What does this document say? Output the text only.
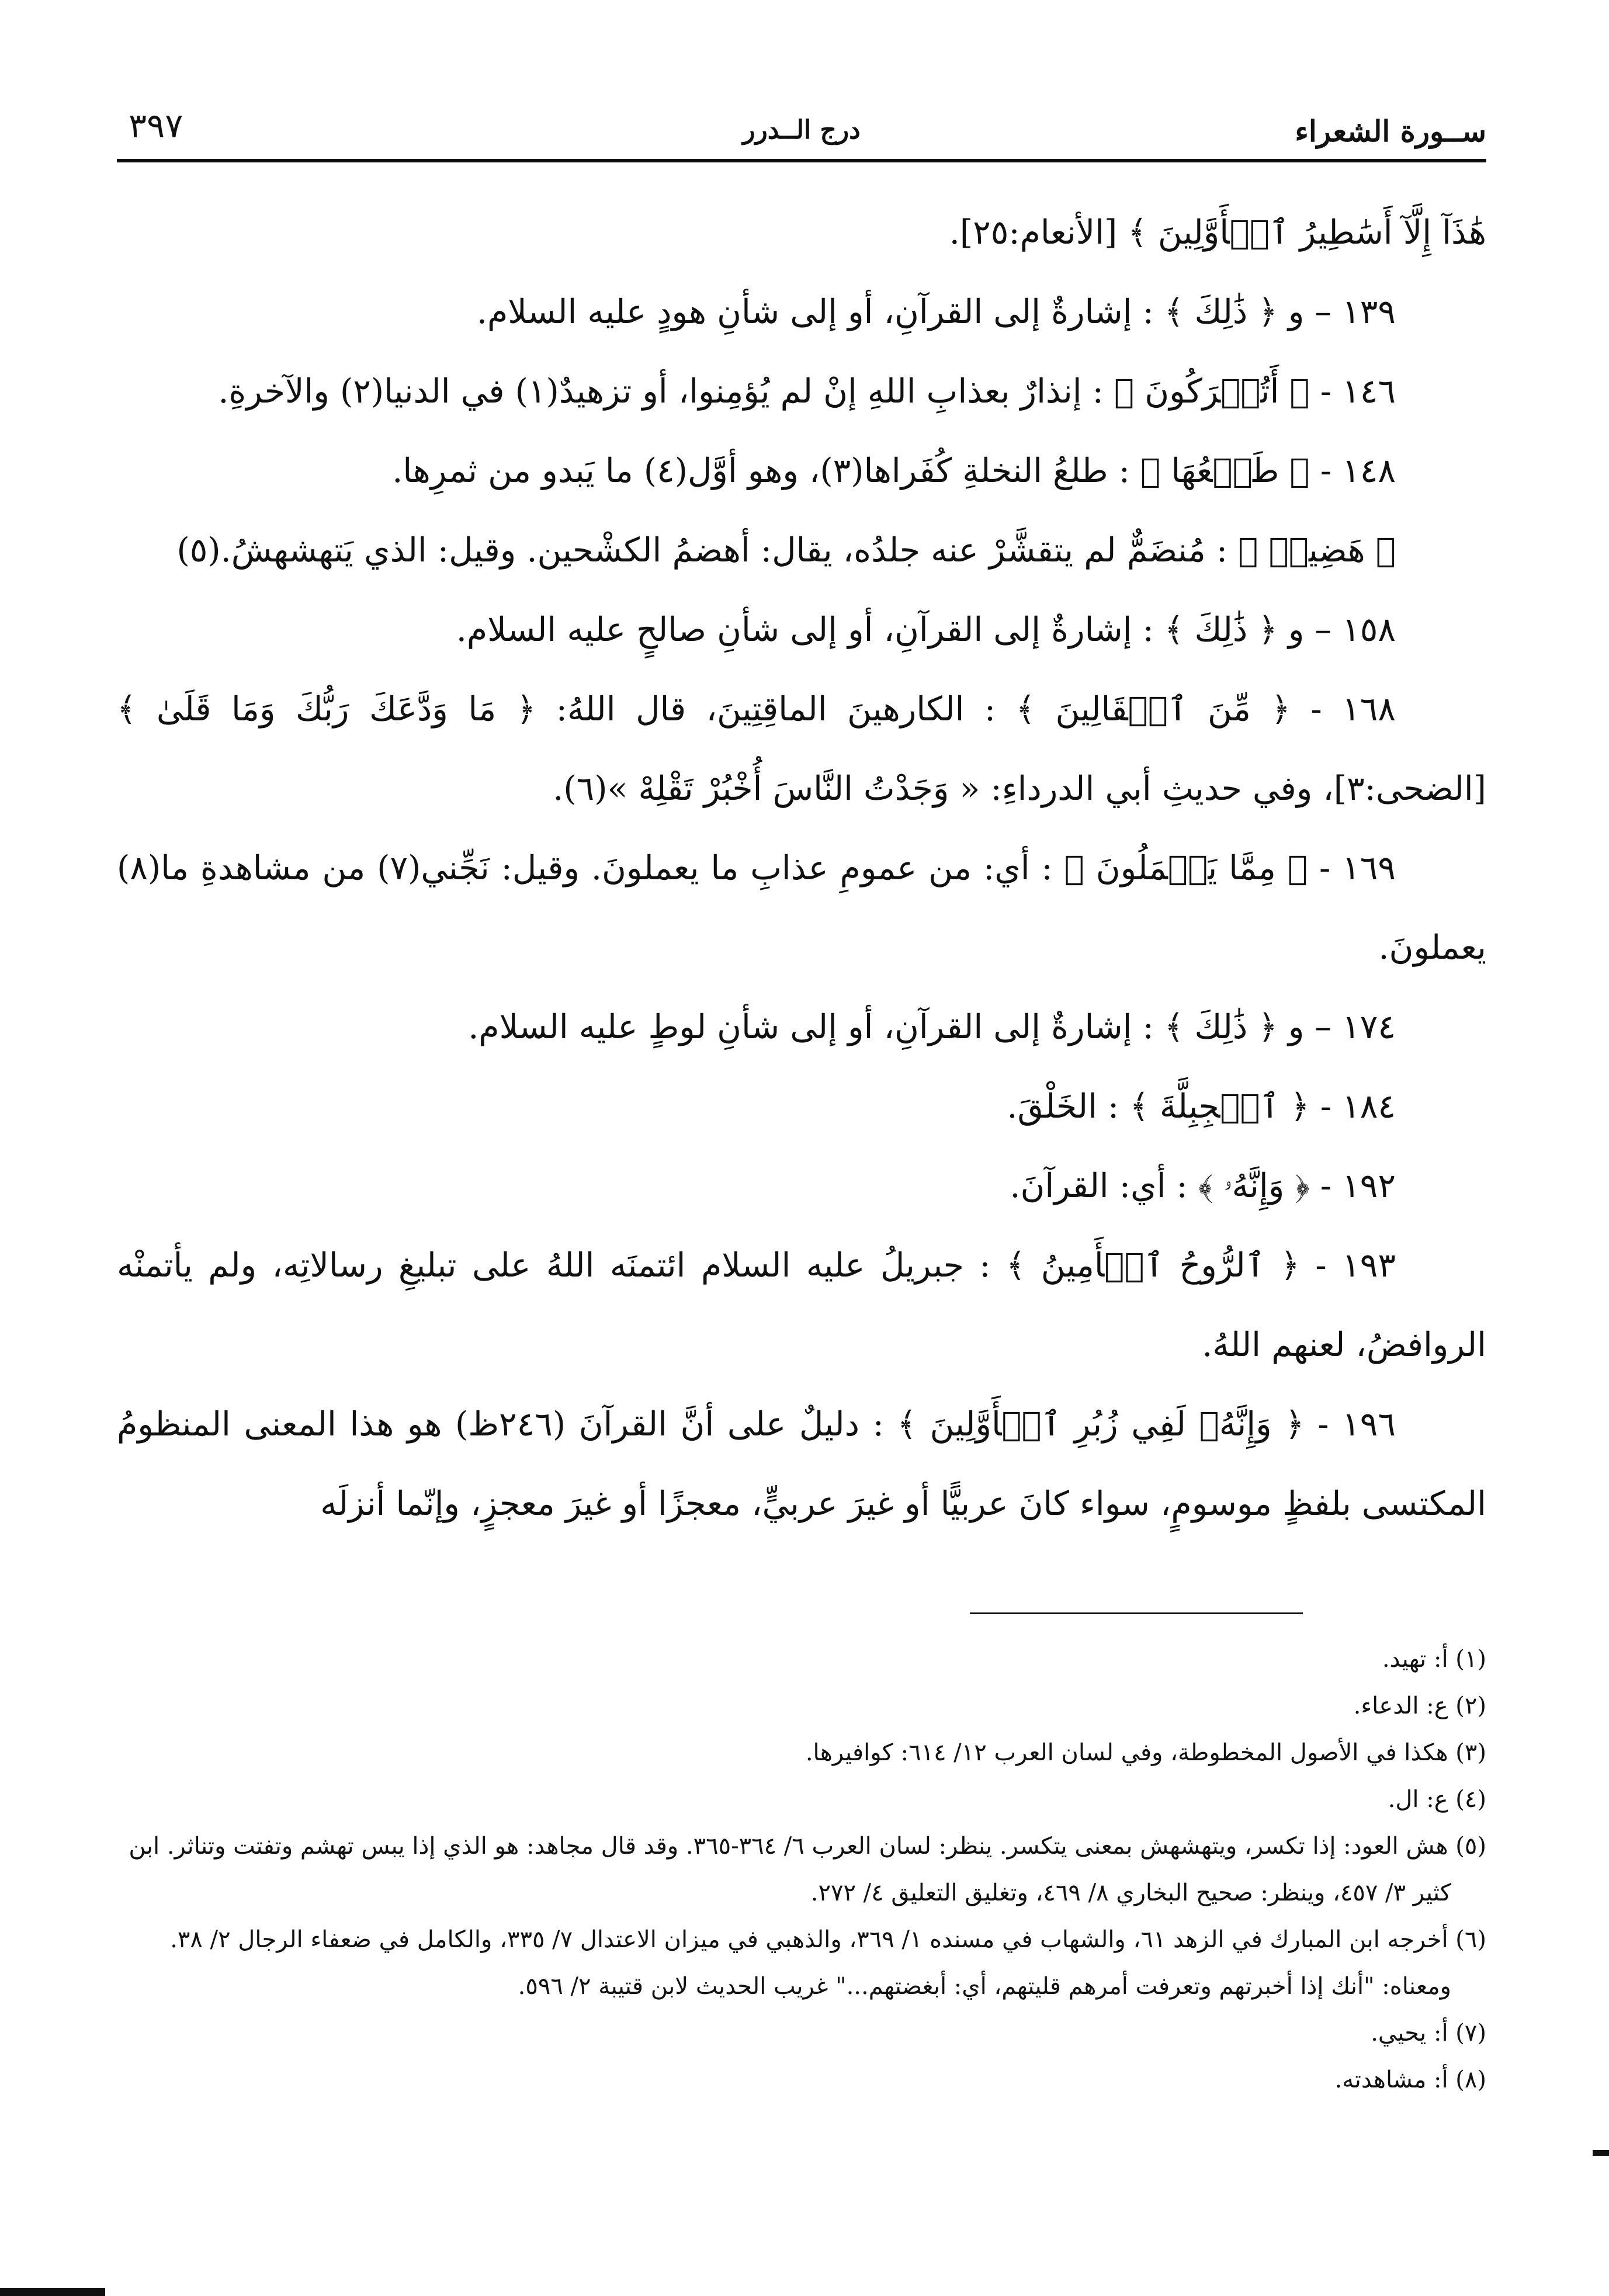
ســورة الشعراء
درج الــدرر
٣٩٧

هَٰذَآ إِلَّآ أَسَٰطِيرُ ٱلۡأَوَّلِينَ ﴾ [الأنعام:٢٥].

١٣٩ – و ﴿ ذَٰلِكَ ﴾ : إشارةٌ إلى القرآنِ، أو إلى شأنِ هودٍ عليه السلام.

١٤٦ - ﴿ أَتُتۡرَكُونَ ﴾ : إنذارٌ بعذابِ اللهِ إنْ لم يُؤمِنوا، أو تزهيدٌ(١) في الدنيا(٢) والآخرةِ.

١٤٨ - ﴿ طَلۡعُهَا ﴾ : طلعُ النخلةِ كُفَراها(٣)، وهو أوَّل(٤) ما يَبدو من ثمرِها.

﴿ هَضِيمٞ ﴾ : مُنضَمٌّ لم يتقشَّرْ عنه جلدُه، يقال: أهضمُ الكشْحين. وقيل: الذي يَتهشهشُ.(٥)

١٥٨ – و ﴿ ذَٰلِكَ ﴾ : إشارةٌ إلى القرآنِ، أو إلى شأنِ صالحٍ عليه السلام.

١٦٨ - ﴿ مِّنَ ٱلۡقَالِينَ ﴾ : الكارهينَ الماقِتِينَ، قال اللهُ: ﴿ مَا وَدَّعَكَ رَبُّكَ وَمَا قَلَىٰ ﴾ [الضحى:٣]، وفي حديثِ أبي الدرداءِ: « وَجَدْتُ النَّاسَ أُخْبُرْ تَقْلِهْ »(٦).

١٦٩ - ﴿ مِمَّا يَعۡمَلُونَ ﴾ : أي: من عمومِ عذابِ ما يعملونَ. وقيل: نَجِّني(٧) من مشاهدةِ ما(٨) يعملونَ.

١٧٤ – و ﴿ ذَٰلِكَ ﴾ : إشارةٌ إلى القرآنِ، أو إلى شأنِ لوطٍ عليه السلام.

١٨٤ - ﴿ ٱلۡجِبِلَّةَ ﴾ : الخَلْقَ.

١٩٢ - ﴿ وَإِنَّهُۥ ﴾ : أي: القرآنَ.

١٩٣ - ﴿ ٱلرُّوحُ ٱلۡأَمِينُ ﴾ : جبريلُ عليه السلام ائتمنَه اللهُ على تبليغِ رسالاتِه، ولم يأتمنْه الروافضُ، لعنهم اللهُ.

١٩٦ - ﴿ وَإِنَّهُۥ لَفِي زُبُرِ ٱلۡأَوَّلِينَ ﴾ : دليلٌ على أنَّ القرآنَ (٢٤٦ظ) هو هذا المعنى المنظومُ المكتسى بلفظٍ موسومٍ، سواء كانَ عربيًّا أو غيرَ عربيٍّ، معجزًا أو غيرَ معجزٍ، وإنّما أنزلَه

(١) أ: تهيد.

(٢) ع: الدعاء.

(٣) هكذا في الأصول المخطوطة، وفي لسان العرب ١٢/ ٦١٤: كوافيرها.

(٤) ع: ال.

(٥) هش العود: إذا تكسر، ويتهشهش بمعنى يتكسر. ينظر: لسان العرب ٦/ ٣٦٤-٣٦٥. وقد قال مجاهد: هو الذي إذا يبس تهشم وتفتت وتناثر. ابن كثير ٣/ ٤٥٧، وينظر: صحيح البخاري ٨/ ٤٦٩، وتغليق التعليق ٤/ ٢٧٢.

(٦) أخرجه ابن المبارك في الزهد ٦١، والشهاب في مسنده ١/ ٣٦٩، والذهبي في ميزان الاعتدال ٧/ ٣٣٥، والكامل في ضعفاء الرجال ٢/ ٣٨. ومعناه: "أنك إذا أخبرتهم وتعرفت أمرهم قليتهم، أي: أبغضتهم..." غريب الحديث لابن قتيبة ٢/ ٥٩٦.

(٧) أ: يحيي.

(٨) أ: مشاهدته.
